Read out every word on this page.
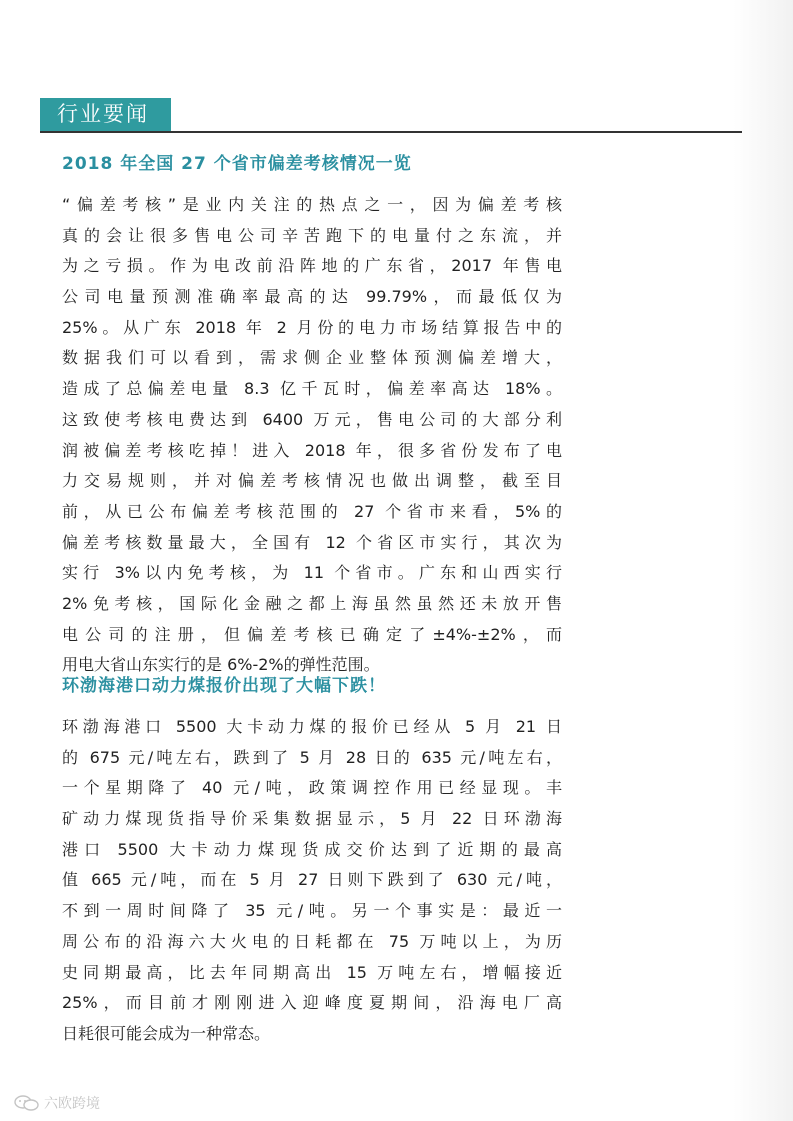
行业要闻
2018 年全国 27 个省市偏差考核情况一览
“偏差考核”是业内关注的热点之一，因为偏差考核
真的会让很多售电公司辛苦跑下的电量付之东流，并
为之亏损。作为电改前沿阵地的广东省，2017 年售电
公司电量预测准确率最高的达 99.79%，而最低仅为
25%。从广东 2018 年 2 月份的电力市场结算报告中的
数据我们可以看到，需求侧企业整体预测偏差增大，
造成了总偏差电量 8.3 亿千瓦时，偏差率高达 18%。
这致使考核电费达到 6400 万元，售电公司的大部分利
润被偏差考核吃掉！进入 2018 年，很多省份发布了电
力交易规则，并对偏差考核情况也做出调整，截至目
前，从已公布偏差考核范围的 27 个省市来看，5%的
偏差考核数量最大，全国有 12 个省区市实行，其次为
实行 3%以内免考核，为 11 个省市。广东和山西实行
2%免考核，国际化金融之都上海虽然虽然还未放开售
电公司的注册，但偏差考核已确定了±4%-±2%，而
用电大省山东实行的是 6%-2%的弹性范围。
环渤海港口动力煤报价出现了大幅下跌！
环渤海港口 5500 大卡动力煤的报价已经从 5 月 21 日
的 675 元/吨左右，跌到了 5 月 28 日的 635 元/吨左右，
一个星期降了 40 元/吨，政策调控作用已经显现。丰
矿动力煤现货指导价采集数据显示，5 月 22 日环渤海
港口 5500 大卡动力煤现货成交价达到了近期的最高
值 665 元/吨，而在 5 月 27 日则下跌到了 630 元/吨，
不到一周时间降了 35 元/吨。另一个事实是：最近一
周公布的沿海六大火电的日耗都在 75 万吨以上，为历
史同期最高，比去年同期高出 15 万吨左右，增幅接近
25%，而目前才刚刚进入迎峰度夏期间，沿海电厂高
日耗很可能会成为一种常态。
六欧跨境
